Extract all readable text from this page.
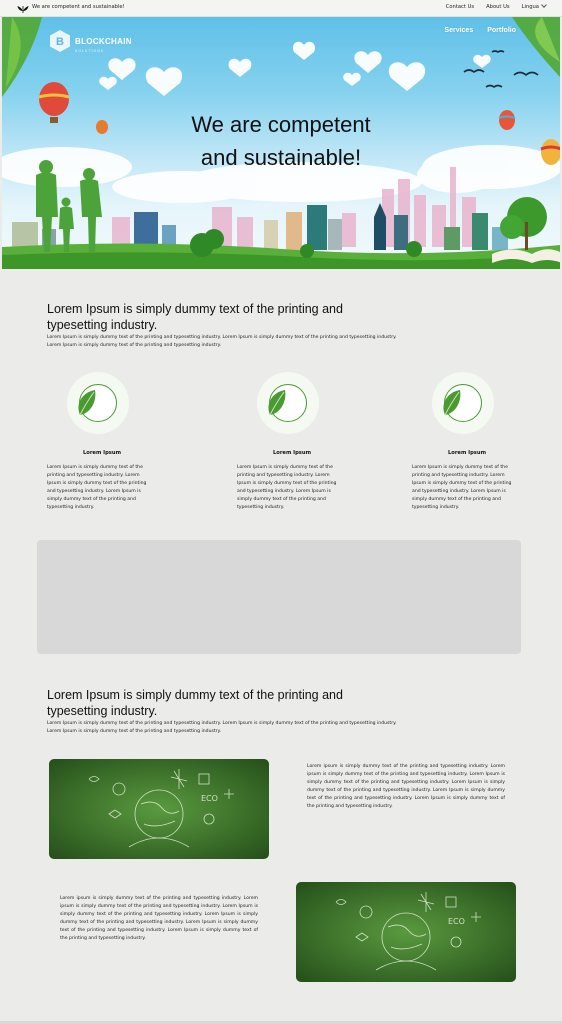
We are competent and sustainable!	Contact Us About Us Lingua
B BLOCKCHAIN
SOLUTIONS
Services Portfolio
We are competent
and sustainable!
Lorem Ipsum is simply dummy text of the printing and typesetting industry.
Lorem Ipsum is simply dummy text of the printing and typesetting industry. Lorem Ipsum is simply dummy text of the printing and typesetting industry. Lorem Ipsum is simply dummy text of the printing and typesetting industry.
Lorem Ipsum
Lorem Ipsum is simply dummy text of the printing and typesetting industry. Lorem Ipsum is simply dummy text of the printing and typesetting industry. Lorem Ipsum is simply dummy text of the printing and typesetting industry.
Lorem Ipsum
Lorem Ipsum is simply dummy text of the printing and typesetting industry. Lorem Ipsum is simply dummy text of the printing and typesetting industry. Lorem Ipsum is simply dummy text of the printing and typesetting industry.
Lorem Ipsum
Lorem Ipsum is simply dummy text of the printing and typesetting industry. Lorem Ipsum is simply dummy text of the printing and typesetting industry. Lorem Ipsum is simply dummy text of the printing and typesetting industry.
Lorem Ipsum is simply dummy text of the printing and typesetting industry.
Lorem Ipsum is simply dummy text of the printing and typesetting industry. Lorem Ipsum is simply dummy text of the printing and typesetting industry. Lorem Ipsum is simply dummy text of the printing and typesetting industry.
ECO
Lorem ipsum is simply dummy text of the printing and typesetting industry. Lorem ipsum is simply dummy text of the printing and typesetting industry. Lorem Ipsum is simply dummy text of the printing and typesetting industry. Lorem Ipsum is simply dummy text of the printing and typesetting industry. Lorem Ipsum is simply dummy text of the printing and typesetting industry. Lorem Ipsum is simply dummy text of the printing and typesetting industry.
Lorem ipsum is simply dummy text of the printing and typesetting industry. Lorem ipsum is simply dummy text of the printing and typesetting industry. Lorem Ipsum is simply dummy text of the printing and typesetting industry. Lorem Ipsum is simply dummy text of the printing and typesetting industry. Lorem Ipsum is simply dummy text of the printing and typesetting industry. Lorem Ipsum is simply dummy text of the printing and typesetting industry.
ECO
